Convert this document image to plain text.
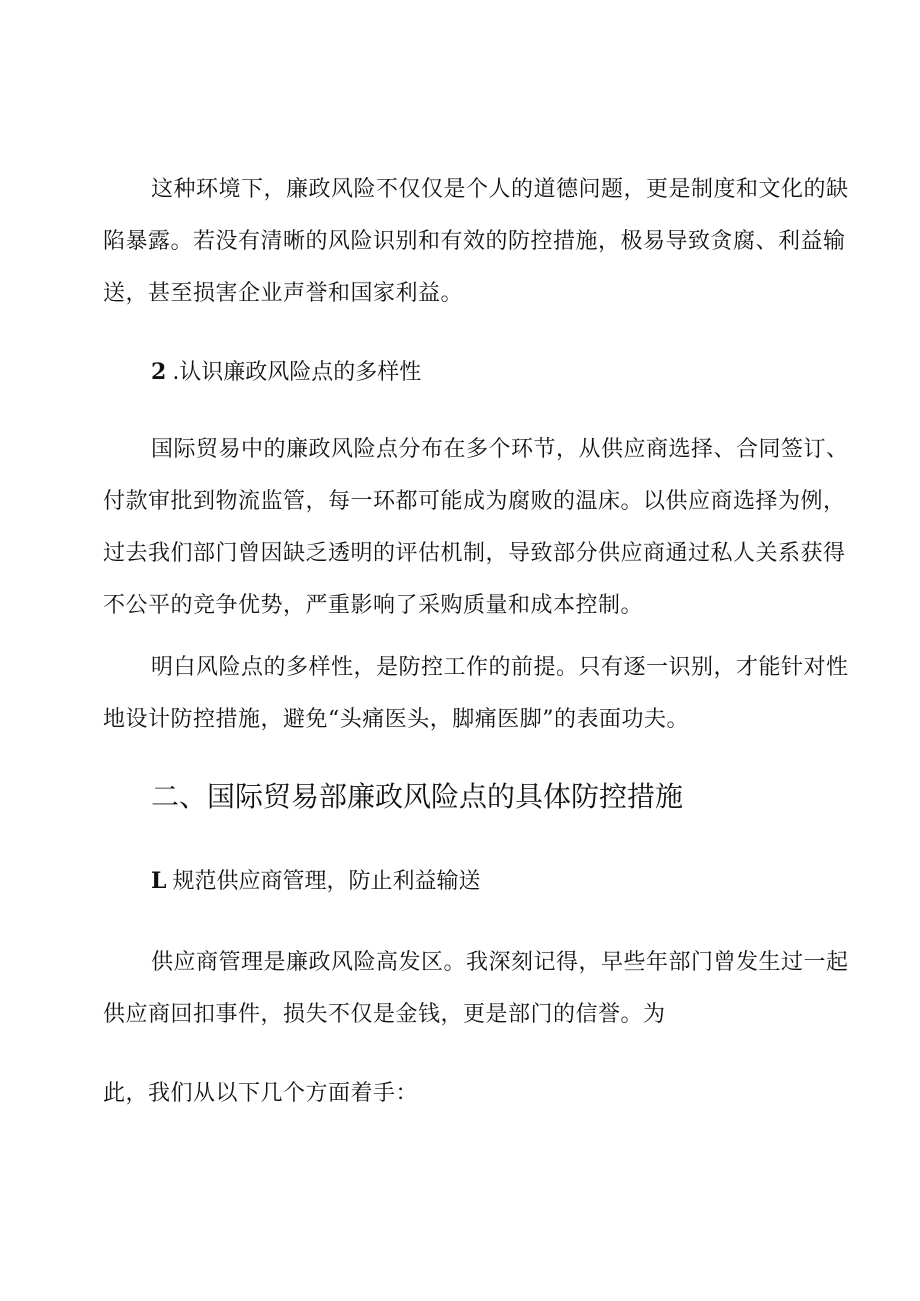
这种环境下，廉政风险不仅仅是个人的道德问题，更是制度和文化的缺
陷暴露。若没有清晰的风险识别和有效的防控措施，极易导致贪腐、利益输
送，甚至损害企业声誉和国家利益。
2 .认识廉政风险点的多样性
国际贸易中的廉政风险点分布在多个环节，从供应商选择、合同签订、
付款审批到物流监管，每一环都可能成为腐败的温床。以供应商选择为例，
过去我们部门曾因缺乏透明的评估机制，导致部分供应商通过私人关系获得
不公平的竞争优势，严重影响了采购质量和成本控制。
明白风险点的多样性，是防控工作的前提。只有逐一识别，才能针对性
地设计防控措施，避免“头痛医头，脚痛医脚”的表面功夫。
二、国际贸易部廉政风险点的具体防控措施
L 规范供应商管理，防止利益输送
供应商管理是廉政风险高发区。我深刻记得，早些年部门曾发生过一起
供应商回扣事件，损失不仅是金钱，更是部门的信誉。为

此，我们从以下几个方面着手：
